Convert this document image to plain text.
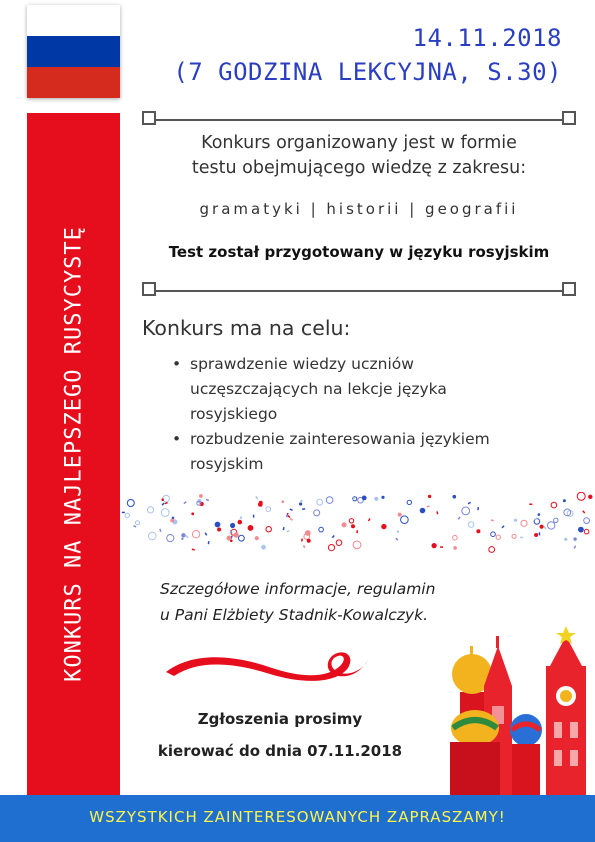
KONKURS NA NAJLEPSZEGO RUSYCYSTĘ
14.11.2018
(7 GODZINA LEKCYJNA, S.30)
Konkurs organizowany jest w formie
testu obejmującego wiedzę z zakresu:
gramatyki | historii | geografii
Test został przygotowany w języku rosyjskim
Konkurs ma na celu:
• sprawdzenie wiedzy uczniów
uczęszczających na lekcje języka
rosyjskiego
• rozbudzenie zainteresowania językiem
rosyjskim
Szczegółowe informacje, regulamin
u Pani Elżbiety Stadnik-Kowalczyk.
Zgłoszenia prosimy
kierować do dnia 07.11.2018
WSZYSTKICH ZAINTERESOWANYCH ZAPRASZAMY!
